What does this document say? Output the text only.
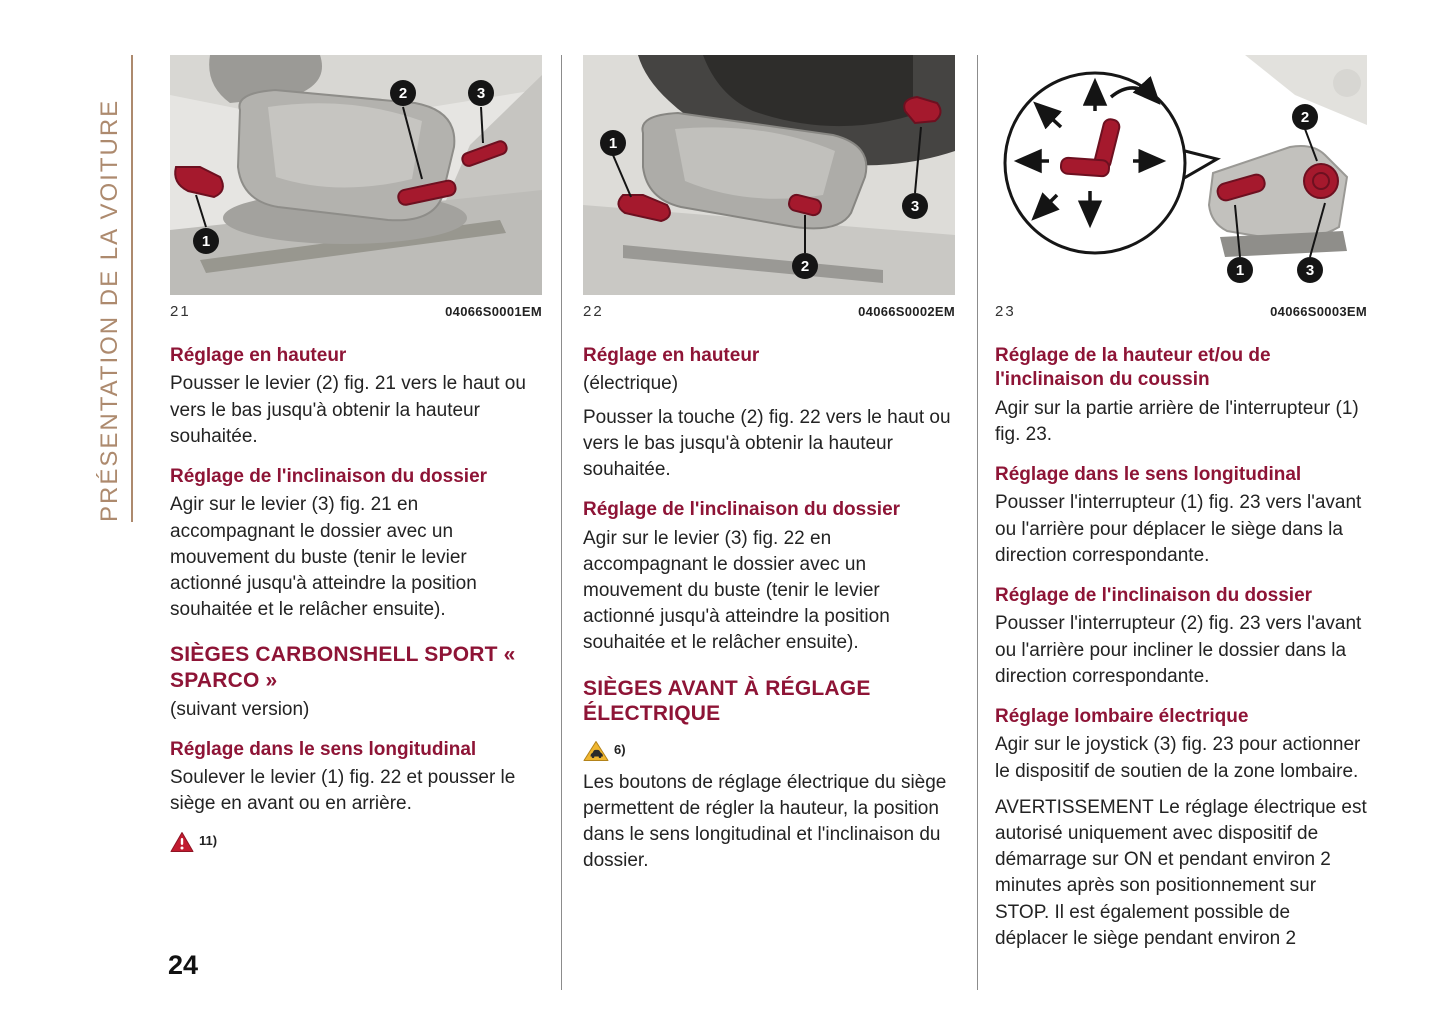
PRÉSENTATION DE LA VOITURE	1
2	3
21	04066S0001EM
Réglage en hauteur

Pousser le levier (2) fig. 21 vers le haut ou vers le bas jusqu'à obtenir la hauteur souhaitée.

Réglage de l'inclinaison du dossier

Agir sur le levier (3) fig. 21 en accompagnant le dossier avec un mouvement du buste (tenir le levier actionné jusqu'à atteindre la position souhaitée et le relâcher ensuite).

SIÈGES CARBONSHELL SPORT « SPARCO »

(suivant version)

Réglage dans le sens longitudinal

Soulever le levier (1) fig. 22 et pousser le siège en avant ou en arrière.

11)
1
2
3
22	04066S0002EM
Réglage en hauteur

(électrique)

Pousser la touche (2) fig. 22 vers le haut ou vers le bas jusqu'à obtenir la hauteur souhaitée.

Réglage de l'inclinaison du dossier

Agir sur le levier (3) fig. 22 en accompagnant le dossier avec un mouvement du buste (tenir le levier actionné jusqu'à atteindre la position souhaitée et le relâcher ensuite).

SIÈGES AVANT À RÉGLAGE ÉLECTRIQUE
6)

Les boutons de réglage électrique du siège permettent de régler la hauteur, la position dans le sens longitudinal et l'inclinaison du dossier.

2
1	3
23	04066S0003EM
Réglage de la hauteur et/ou de l'inclinaison du coussin

Agir sur la partie arrière de l'interrupteur (1) fig. 23.

Réglage dans le sens longitudinal

Pousser l'interrupteur (1) fig. 23 vers l'avant ou l'arrière pour déplacer le siège dans la direction correspondante.

Réglage de l'inclinaison du dossier

Pousser l'interrupteur (2) fig. 23 vers l'avant ou l'arrière pour incliner le dossier dans la direction correspondante.

Réglage lombaire électrique

Agir sur le joystick (3) fig. 23 pour actionner le dispositif de soutien de la zone lombaire.

AVERTISSEMENT Le réglage électrique est autorisé uniquement avec dispositif de démarrage sur ON et pendant environ 2 minutes après son positionnement sur STOP. Il est également possible de déplacer le siège pendant environ 2

24
